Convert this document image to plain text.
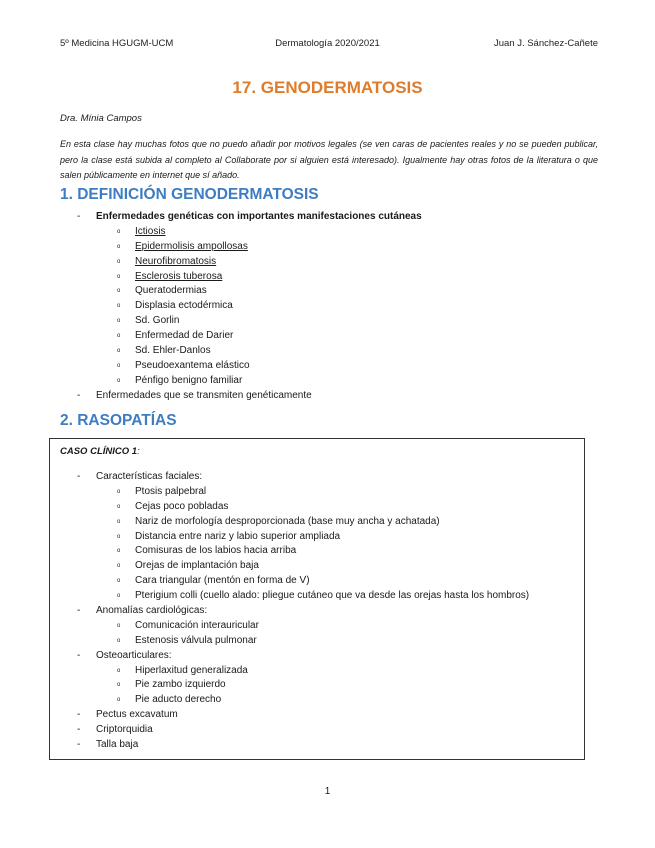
5º Medicina HGUGM-UCM	Dermatología 2020/2021	Juan J. Sánchez-Cañete
17. GENODERMATOSIS
Dra. Mínia Campos
En esta clase hay muchas fotos que no puedo añadir por motivos legales (se ven caras de pacientes reales y no se pueden publicar, pero la clase está subida al completo al Collaborate por si alguien está interesado). Igualmente hay otras fotos de la literatura o que salen públicamente en internet que sí añado.
1. DEFINICIÓN GENODERMATOSIS
- Enfermedades genéticas con importantes manifestaciones cutáneas
o Ictiosis
o Epidermolisis ampollosas
o Neurofibromatosis
o Esclerosis tuberosa
o Queratodermias
o Displasia ectodérmica
o Sd. Gorlin
o Enfermedad de Darier
o Sd. Ehler-Danlos
o Pseudoexantema elástico
o Pénfigo benigno familiar
- Enfermedades que se transmiten genéticamente
2. RASOPATÍAS
CASO CLÍNICO 1:
- Características faciales:
o Ptosis palpebral
o Cejas poco pobladas
o Nariz de morfología desproporcionada (base muy ancha y achatada)
o Distancia entre nariz y labio superior ampliada
o Comisuras de los labios hacia arriba
o Orejas de implantación baja
o Cara triangular (mentón en forma de V)
o Pterigium colli (cuello alado: pliegue cutáneo que va desde las orejas hasta los hombros)
- Anomalías cardiológicas:
o Comunicación interauricular
o Estenosis válvula pulmonar
- Osteoarticulares:
o Hiperlaxitud generalizada
o Pie zambo izquierdo
o Pie aducto derecho
- Pectus excavatum
- Criptorquidia
- Talla baja
1
